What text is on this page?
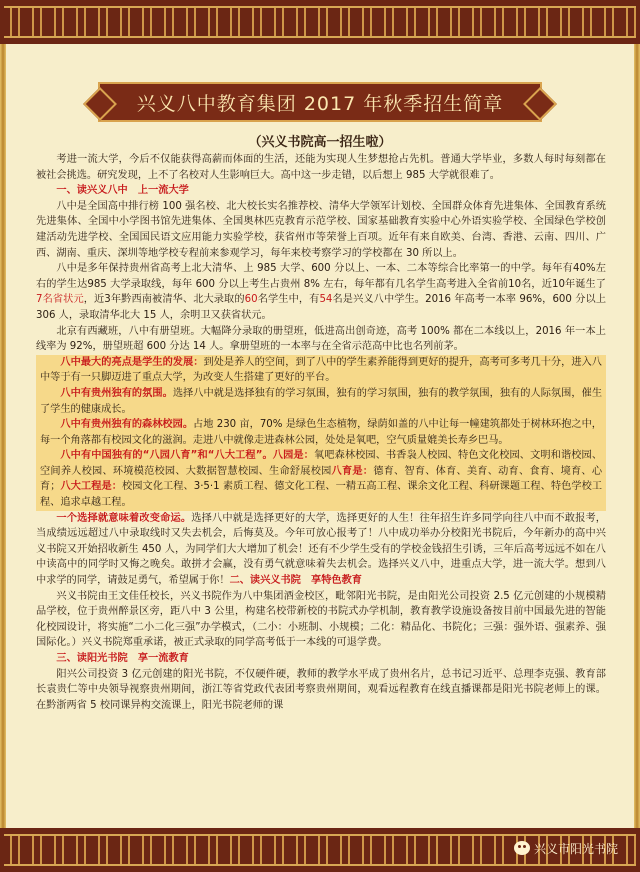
兴义八中教育集团 2017 年秋季招生简章
（兴义书院高一招生啦）

考进一流大学，今后不仅能获得高薪而体面的生活，还能为实现人生梦想抢占先机。普通大学毕业，多数人每时每刻都在被社会挑选。研究发现，上不了名校对人生影响巨大。高中这一步走错，以后想上 985 大学就很难了。

一、读兴义八中　上一流大学

八中是全国高中排行榜 100 强名校、北大校长实名推荐校、清华大学领军计划校、全国群众体育先进集体、全国教育系统先进集体、全国中小学图书馆先进集体、全国奥林匹克教育示范学校、国家基础教育实验中心外语实验学校、全国绿色学校创建活动先进学校、全国国民语文应用能力实验学校，获省州市等荣誉上百项。近年有来自欧美、台湾、香港、云南、四川、广西、湖南、重庆、深圳等地学校专程前来参观学习，每年来校考察学习的学校都在 30 所以上。

八中是多年保持贵州省高考上北大清华、上 985 大学、600 分以上、一本、二本等综合比率第一的中学。每年有40%左右的学生达985 大学录取线，每年 600 分以上考生占贵州 8% 左右，每年都有几名学生高考进入全省前10名，近10年诞生了7名省状元，近3年黔西南被清华、北大录取的60名学生中，有54名是兴义八中学生。2016 年高考一本率 96%，600 分以上 306 人，录取清华北大 15 人，余明卫又获省状元。

北京有西藏班，八中有册望班。大幅降分录取的册望班，低进高出创奇迹，高考 100% 都在二本线以上，2016 年一本上线率为 92%，册望班超 600 分达 14 人。拿册望班的一本率与在全省示范高中比也名列前茅。

八中最大的亮点是学生的发展：到处是养人的空间，到了八中的学生素养能得到更好的提升，高考可多考几十分，进入八中等于有一只脚迈进了重点大学，为改变人生搭建了更好的平台。

八中有贵州独有的氛围。选择八中就是选择独有的学习氛围，独有的学习氛围，独有的教学氛围，独有的人际氛围，催生了学生的健康成长。

八中有贵州独有的森林校园。占地 230 亩，70% 是绿色生态植物，绿荫如盖的八中让每一幢建筑都处于树林环抱之中，每一个角落都有校园文化的滋润。走进八中就像走进森林公园，处处是氧吧，空气质量媲美长寿乡巴马。

八中有中国独有的“八园八育”和“八大工程”。八园是：氧吧森林校园、书香袅人校园、特色文化校园、文明和谐校园、空间养人校园、环境模范校园、大数据智慧校园、生命舒展校园八育是：德育、智育、体育、美育、动育、食育、境育、心育；八大工程是：校园文化工程、3·5·1 素质工程、德文化工程、一精五高工程、课余文化工程、科研课题工程、特色学校工程、追求卓越工程。

一个选择就意味着改变命运。选择八中就是选择更好的大学，选择更好的人生！往年招生许多同学向往八中而不敢报考，当成绩远远超过八中录取线时又失去机会，后悔莫及。今年可放心报考了！八中成功举办分校阳光书院后，今年新办的高中兴义书院又开始招收新生 450 人，为同学们大大增加了机会！还有不少学生受有的学校金钱招生引诱，三年后高考远远不如在八中读高中的同学时又悔之晚矣。敢拼才会赢，没有勇气就意味着失去机会。选择兴义八中，进重点大学，进一流大学。想到八中求学的同学，请鼓足勇气，希望属于你！二、读兴义书院　享特色教育

兴义书院由王文佳任校长，兴义书院作为八中集团酒金校区，毗邻阳光书院，是由阳光公司投资 2.5 亿元创建的小规模精品学校，位于贵州醉景区旁，距八中 3 公里，构建名校带新校的书院式办学机制，教育教学设施设备按目前中国最先进的智能化校园设计，将实施“二小二化三强”办学模式，（二小：小班制、小规模；二化：精品化、书院化；三强：强外语、强素养、强国际化。）兴义书院郑重承诺，被正式录取的同学高考低于一本线的可退学费。

三、读阳光书院　享一流教育

阳兴公司投资 3 亿元创建的阳光书院，不仅硬件硬，教师的教学水平成了贵州名片，总书记习近平、总理李克强、教育部长袁贵仁等中央领导视察贵州期间，浙江等省党政代表团考察贵州期间，观看远程教育在线直播课都是阳光书院老师上的课。在黔浙两省 5 校同课异构交流课上，阳光书院老师的课

兴义市阳光书院
